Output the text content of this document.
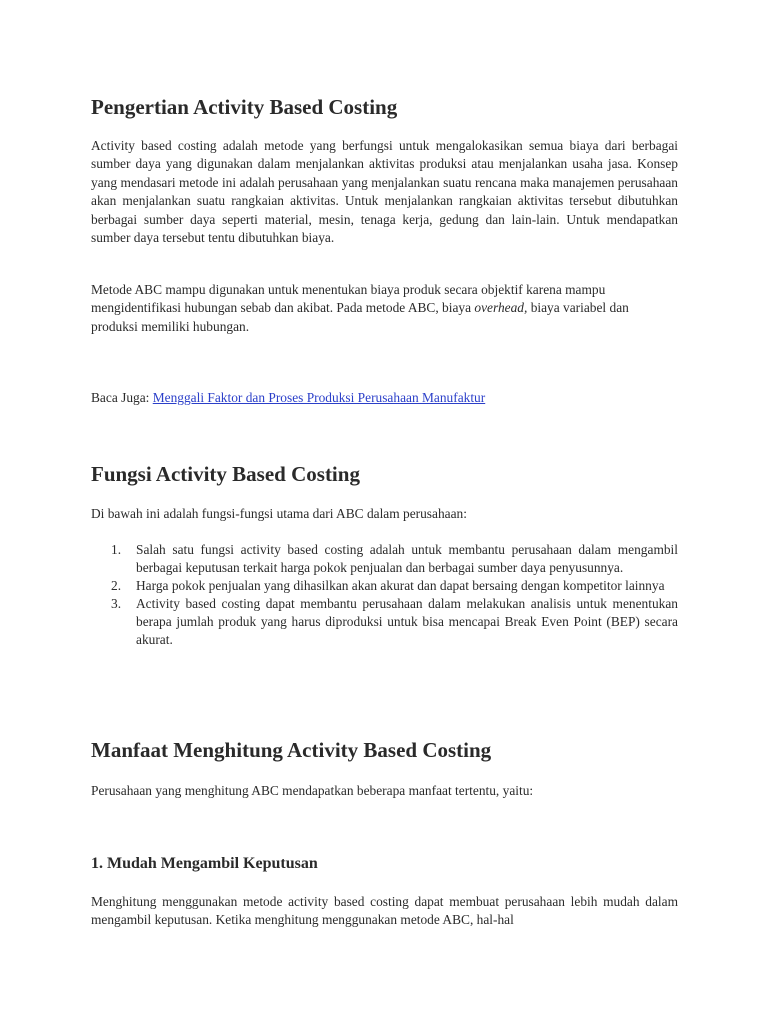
Pengertian Activity Based Costing

Activity based costing adalah metode yang berfungsi untuk mengalokasikan semua biaya dari berbagai sumber daya yang digunakan dalam menjalankan aktivitas produksi atau menjalankan usaha jasa. Konsep yang mendasari metode ini adalah perusahaan yang menjalankan suatu rencana maka manajemen perusahaan akan menjalankan suatu rangkaian aktivitas. Untuk menjalankan rangkaian aktivitas tersebut dibutuhkan berbagai sumber daya seperti material, mesin, tenaga kerja, gedung dan lain-lain. Untuk mendapatkan sumber daya tersebut tentu dibutuhkan biaya.

Metode ABC mampu digunakan untuk menentukan biaya produk secara objektif karena mampu mengidentifikasi hubungan sebab dan akibat. Pada metode ABC, biaya overhead, biaya variabel dan produksi memiliki hubungan.

Baca Juga: Menggali Faktor dan Proses Produksi Perusahaan Manufaktur

Fungsi Activity Based Costing

Di bawah ini adalah fungsi-fungsi utama dari ABC dalam perusahaan:

1. Salah satu fungsi activity based costing adalah untuk membantu perusahaan dalam mengambil berbagai keputusan terkait harga pokok penjualan dan berbagai sumber daya penyusunnya.
2. Harga pokok penjualan yang dihasilkan akan akurat dan dapat bersaing dengan kompetitor lainnya
3. Activity based costing dapat membantu perusahaan dalam melakukan analisis untuk menentukan berapa jumlah produk yang harus diproduksi untuk bisa mencapai Break Even Point (BEP) secara akurat.
Manfaat Menghitung Activity Based Costing

Perusahaan yang menghitung ABC mendapatkan beberapa manfaat tertentu, yaitu:

1. Mudah Mengambil Keputusan

Menghitung menggunakan metode activity based costing dapat membuat perusahaan lebih mudah dalam mengambil keputusan. Ketika menghitung menggunakan metode ABC, hal-hal
